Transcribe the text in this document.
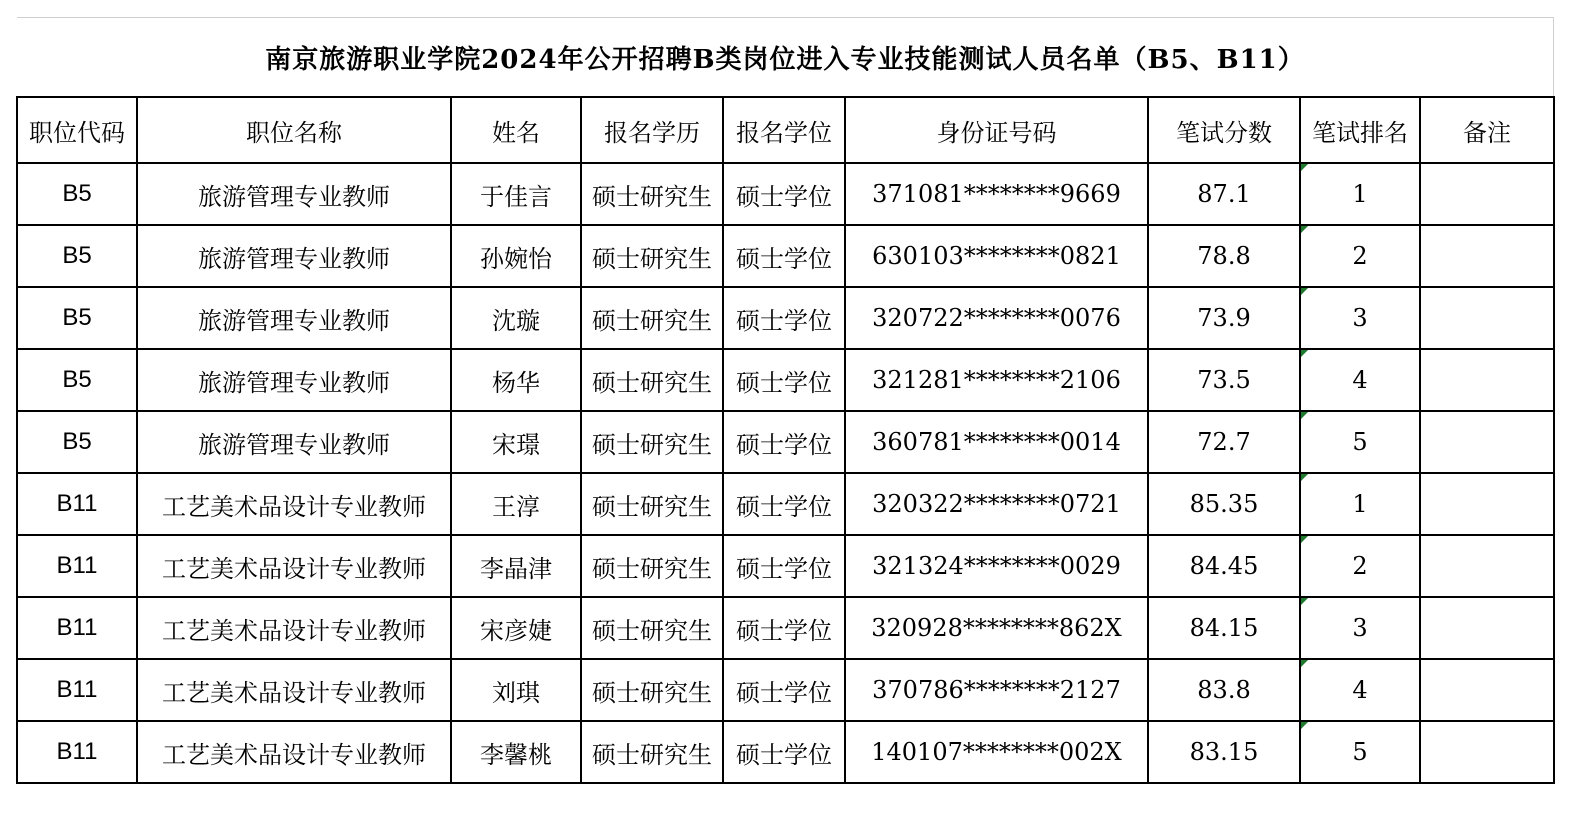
南京旅游职业学院2024年公开招聘B类岗位进入专业技能测试人员名单（B5、B11）
职位代码	职位名称	姓名	报名学历	报名学位	身份证号码	笔试分数	笔试排名	备注
B5	旅游管理专业教师	于佳言	硕士研究生	硕士学位	371081********9669	87.1	1	
B5	旅游管理专业教师	孙婉怡	硕士研究生	硕士学位	630103********0821	78.8	2	
B5	旅游管理专业教师	沈璇	硕士研究生	硕士学位	320722********0076	73.9	3	
B5	旅游管理专业教师	杨华	硕士研究生	硕士学位	321281********2106	73.5	4	
B5	旅游管理专业教师	宋璟	硕士研究生	硕士学位	360781********0014	72.7	5	
B11	工艺美术品设计专业教师	王淳	硕士研究生	硕士学位	320322********0721	85.35	1	
B11	工艺美术品设计专业教师	李晶津	硕士研究生	硕士学位	321324********0029	84.45	2	
B11	工艺美术品设计专业教师	宋彦婕	硕士研究生	硕士学位	320928********862X	84.15	3	
B11	工艺美术品设计专业教师	刘琪	硕士研究生	硕士学位	370786********2127	83.8	4	
B11	工艺美术品设计专业教师	李馨桃	硕士研究生	硕士学位	140107********002X	83.15	5	
